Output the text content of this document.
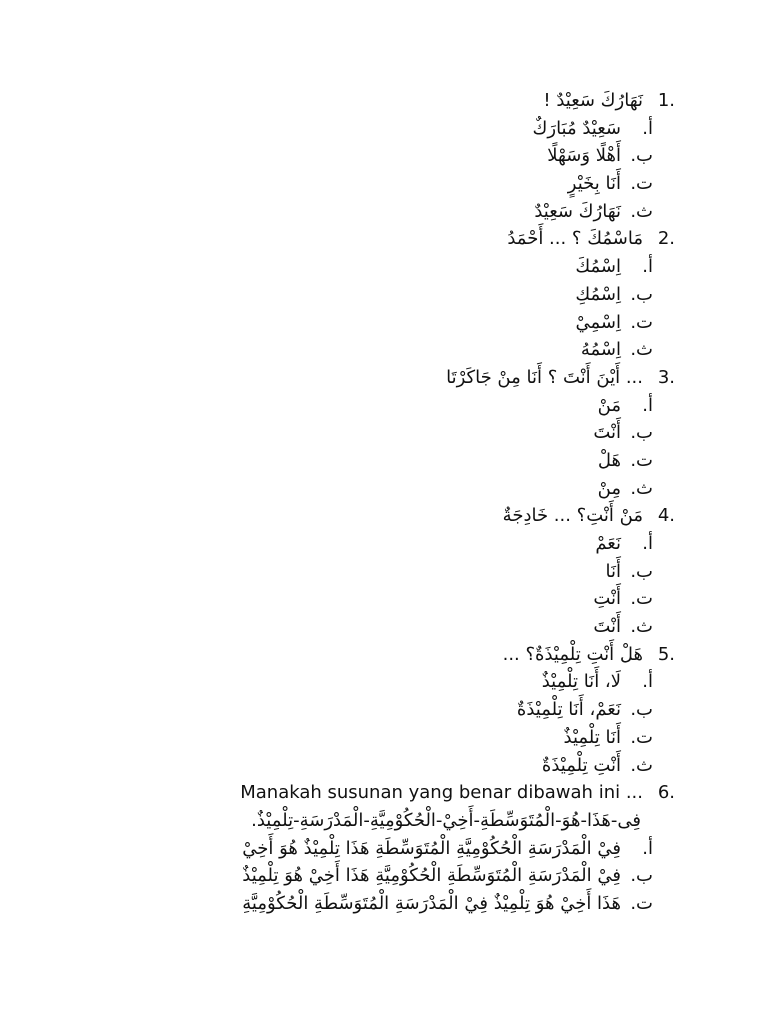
1.
نَهَارُكَ سَعِيْدٌ !
أ.
سَعِيْدٌ مُبَارَكٌ
ب.
أَهْلًا وَسَهْلًا
ت.
أَنَا بِخَيْرٍ
ث.
نَهَارُكَ سَعِيْدٌ
2.
مَاسْمُكَ ؟ ... أَحْمَدُ
أ.
اِسْمُكَ
ب.
اِسْمُكِ
ت.
اِسْمِيْ
ث.
اِسْمُهُ
3.
... أَيْنَ أَنْتَ ؟ أَنَا مِنْ جَاكَرْتَا
أ.
مَنْ
ب.
أَنْتَ
ت.
هَلْ
ث.
مِنْ
4.
مَنْ أَنْتِ؟ ... خَادِجَةٌ
أ.
نَعَمْ
ب.
أَنَا
ت.
أَنْتِ
ث.
أَنْتَ
5.
هَلْ أَنْتِ تِلْمِيْذَةٌ؟ ...
أ.
لَا، أَنَا تِلْمِيْذٌ
ب.
نَعَمْ، أَنَا تِلْمِيْذَةٌ
ت.
أَنَا تِلْمِيْذٌ
ث.
أَنْتِ تِلْمِيْذَةٌ
6.
Manakah susunan yang benar dibawah ini ...
فِى-هَذَا-هُوَ-الْمُتَوَسِّطَةِ-أَخِيْ-الْحُكُوْمِيَّةِ-الْمَدْرَسَةِ-تِلْمِيْذٌ.
أ.
فِيْ الْمَدْرَسَةِ الْحُكُوْمِيَّةِ الْمُتَوَسِّطَةِ هَذَا تِلْمِيْذٌ هُوَ أَخِيْ
ب.
فِيْ الْمَدْرَسَةِ الْمُتَوَسِّطَةِ الْحُكُوْمِيَّةِ هَذَا أَخِيْ هُوَ تِلْمِيْذٌ
ت.
هَذَا أَخِيْ هُوَ تِلْمِيْذٌ فِيْ الْمَدْرَسَةِ الْمُتَوَسِّطَةِ الْحُكُوْمِيَّةِ
